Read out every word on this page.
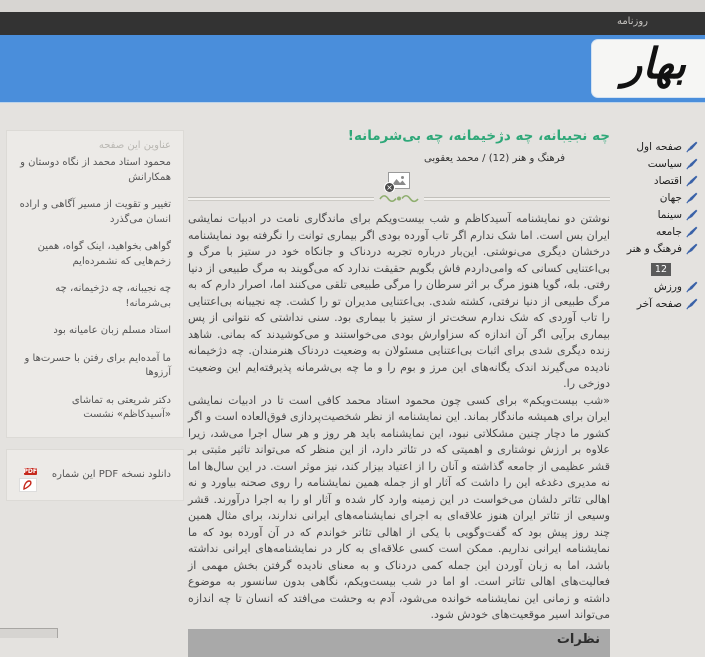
روزنامه
بهار
صفحه اول
سیاست
اقتصاد
جهان
سینما
جامعه
فرهنگ و هنر
12
ورزش
صفحه آخر
چه نجیبانه، چه دژخیمانه، چه بی‌شرمانه!
فرهنگ و هنر (12) / محمد یعقوبی
×

نوشتن دو نمایشنامه آسیدکاظم و شب بیست‌ویکم برای ماندگاری نامت در ادبیات نمایشی ایران بس است. اما شک ندارم اگر تاب آورده بودی اگر بیماری توانت را نگرفته بود نمایشنامه درخشان دیگری می‌نوشتی. این‌بار درباره تجربه دردناک و جانکاه خود در ستیز با مرگ و بی‌اعتنایی کسانی که وامی‌داردم فاش بگویم حقیقت ندارد که می‌گویند به مرگ طبیعی از دنیا رفتی. بله، گویا هنوز مرگ بر اثر سرطان را مرگی طبیعی تلقی می‌کنند اما، اصرار دارم که به مرگ طبیعی از دنیا نرفتی، کشته شدی. بی‌اعتنایی مدیران تو را کشت. چه نجیبانه بی‌اعتنایی را تاب آوردی که شک ندارم سخت‌تر از ستیز با بیماری بود. سنی نداشتی که نتوانی از پس بیماری برآیی اگر آن اندازه که سزاوارش بودی می‌خواستند و می‌کوشیدند که بمانی. شاهد زنده دیگری شدی برای اثبات بی‌اعتنایی مسئولان به وضعیت دردناک هنرمندان. چه دژخیمانه نادیده می‌گیرند اندک یگانه‌های این مرز و بوم را و ما چه بی‌شرمانه پذیرفته‌ایم این وضعیت دوزخی را.

«شب بیست‌ویکم» برای کسی چون محمود استاد محمد کافی است تا در ادبیات نمایشی ایران برای همیشه ماندگار بماند. این نمایشنامه از نظر شخصیت‌پردازی فوق‌العاده است و اگر کشور ما دچار چنین مشکلاتی نبود، این نمایشنامه باید هر روز و هر سال اجرا می‌شد، زیرا علاوه بر ارزش نوشتاری و اهمیتی که در تئاتر دارد، از این منظر که می‌تواند تاثیر مثبتی بر قشر عظیمی از جامعه گذاشته و آنان را از اعتیاد بیزار کند، نیز موثر است. در این سال‌ها اما نه مدیری دغدغه این را داشت که آثار او از جمله همین نمایشنامه را روی صحنه بیاورد و نه اهالی تئاتر دلشان می‌خواست در این زمینه وارد کار شده و آثار او را به اجرا درآورند. قشر وسیعی از تئاتر ایران هنوز علاقه‌ای به اجرای نمایشنامه‌های ایرانی ندارند، برای مثال همین چند روز پیش بود که گفت‌وگویی با یکی از اهالی تئاتر خواندم که در آن آورده بود که ما نمایشنامه ایرانی نداریم. ممکن است کسی علاقه‌ای به کار در نمایشنامه‌های ایرانی نداشته باشد، اما به زبان آوردن این جمله کمی دردناک و به معنای نادیده گرفتن بخش مهمی از فعالیت‌های اهالی تئاتر است. او اما در شب بیست‌ویکم، نگاهی بدون سانسور به موضوع داشته و زمانی این نمایشنامه خوانده می‌شود، آدم به وحشت می‌افتد که انسان تا چه اندازه می‌تواند اسیر موقعیت‌های خودش شود.

نظرات
عناوین این صفحه
محمود استاد محمد از نگاه دوستان و همکارانش
تغییر و تقویت از مسیر آگاهی و اراده انسان می‌گذرد
گواهی بخواهید، اینک گواه، همین زخم‌هایی که نشمرده‌ایم
چه نجیبانه، چه دژخیمانه، چه بی‌شرمانه!
استاد مسلم زبان عامیانه بود
ما آمده‌ایم برای رفتن با حسرت‌ها و آرزوها
دکتر شریعتی به تماشای «آسیدکاظم» نشست
دانلود نسخه PDF این شماره
PDF
